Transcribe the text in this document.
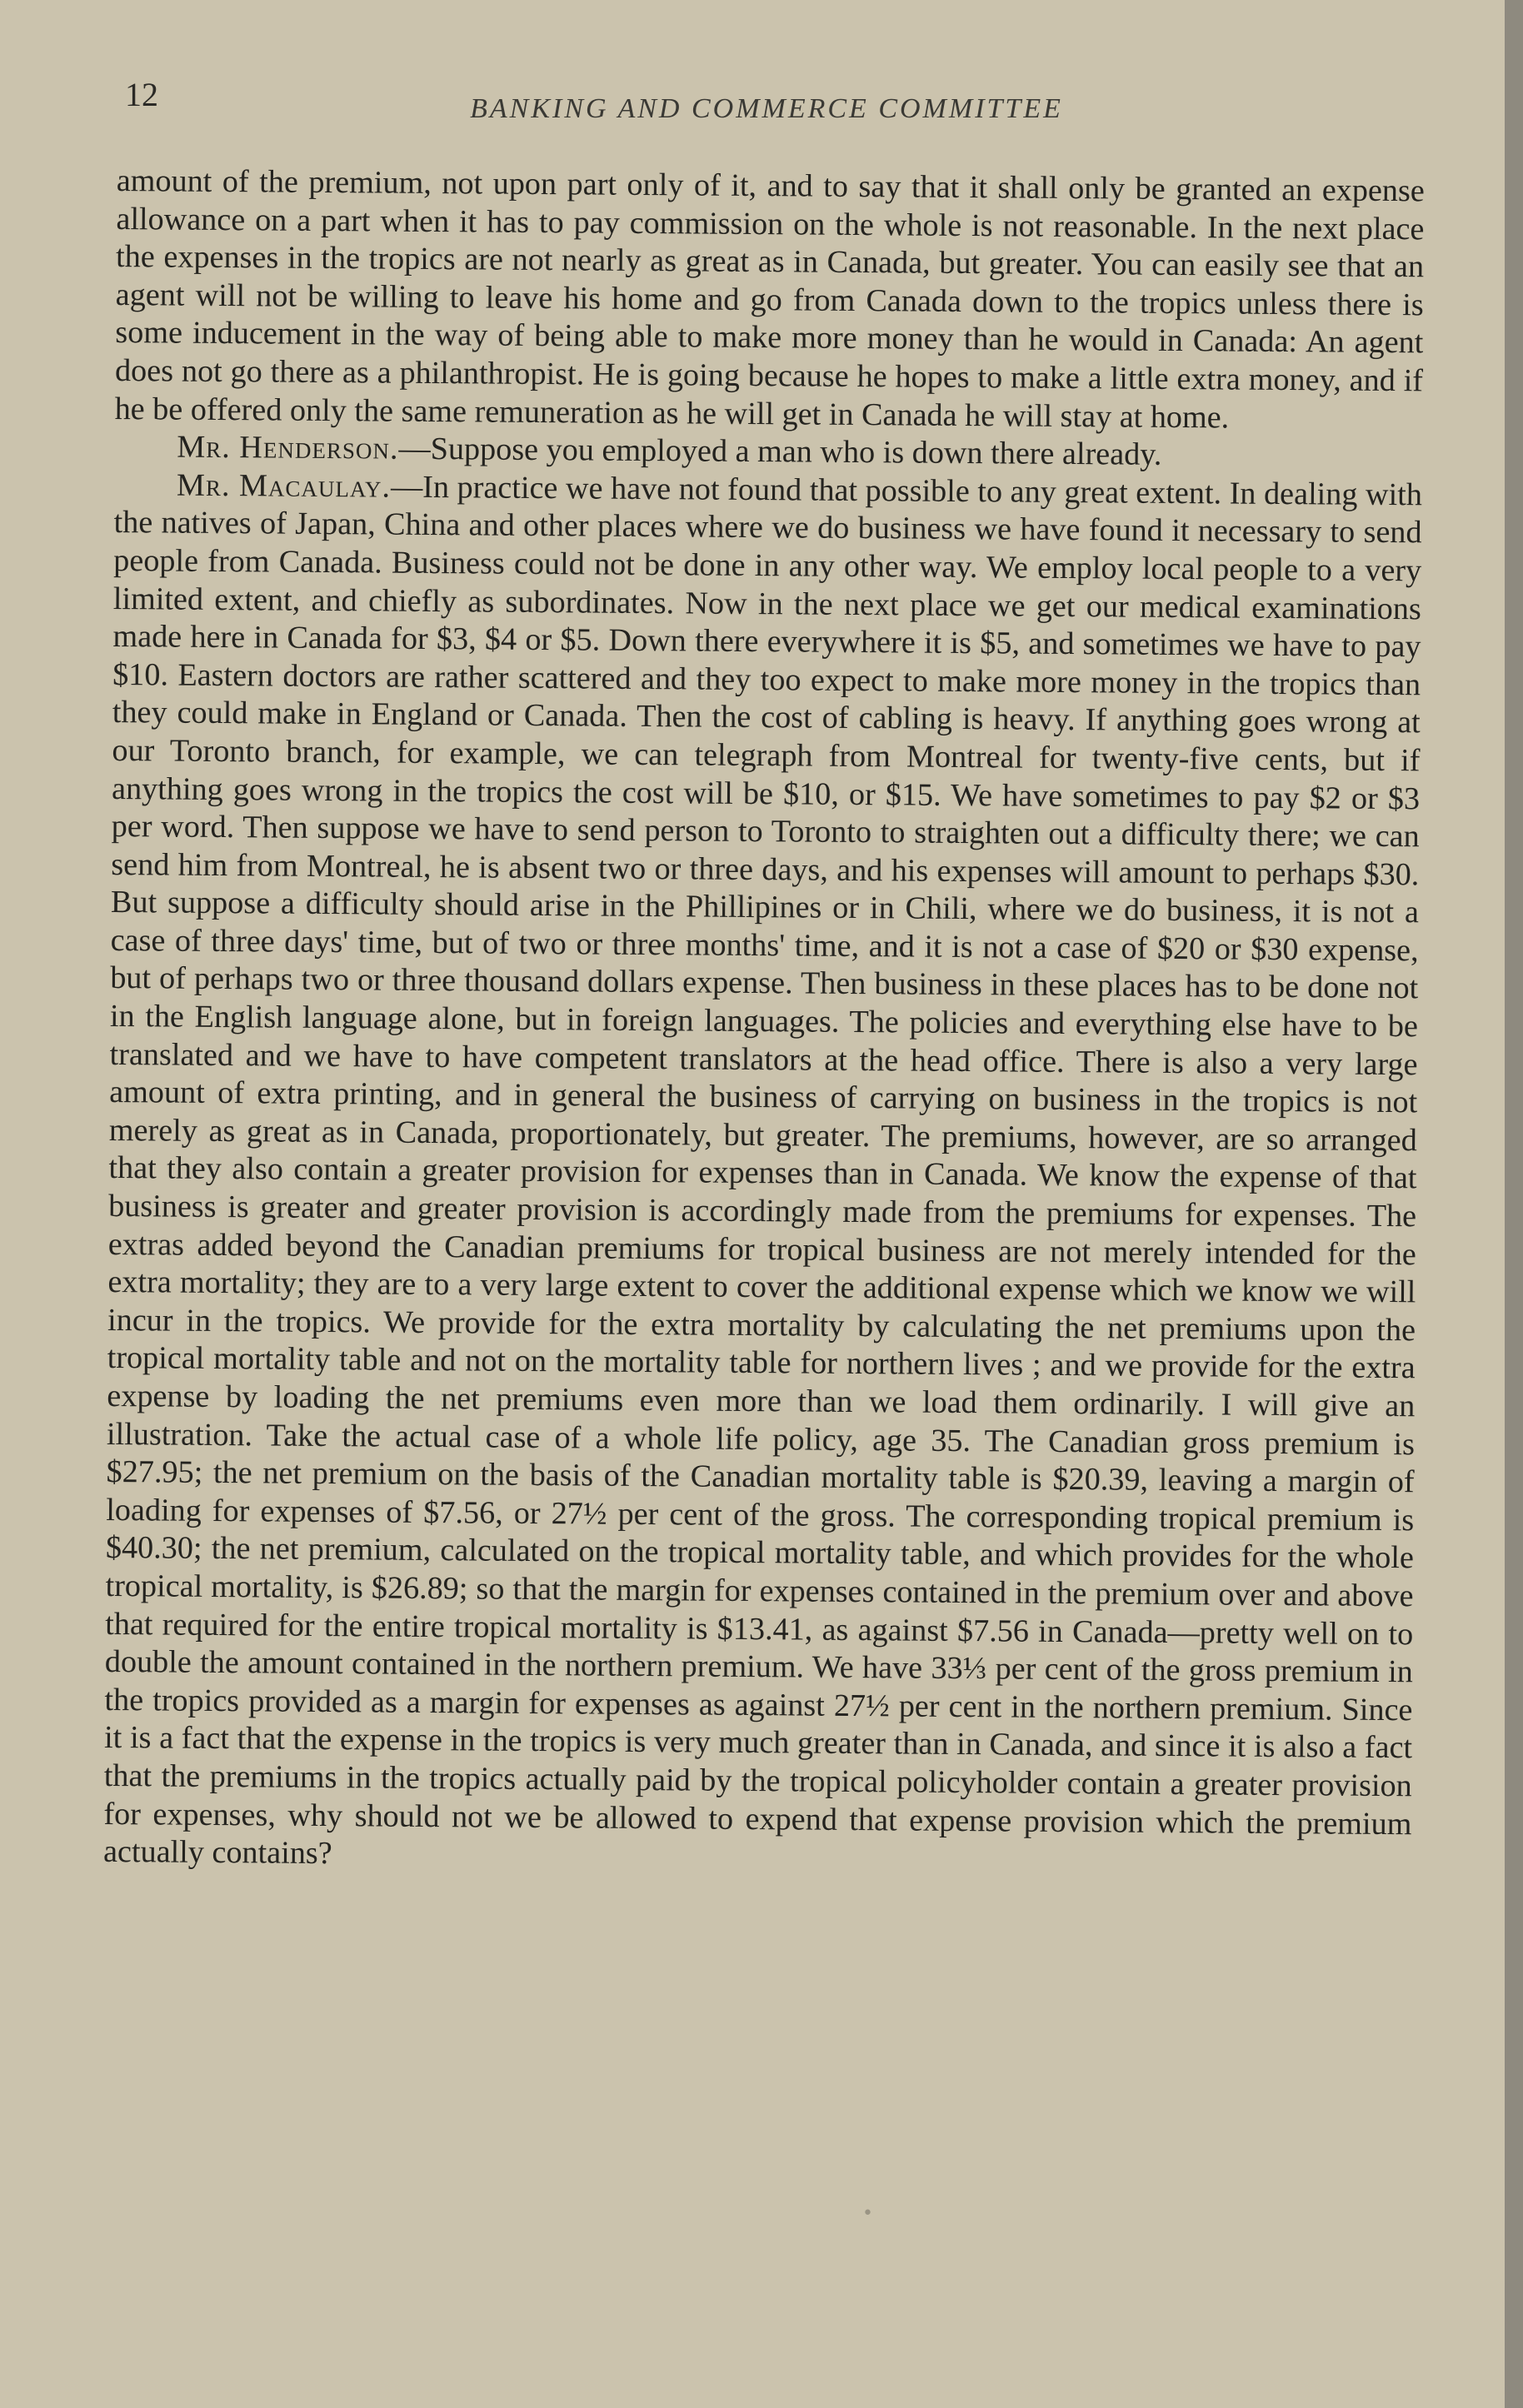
12	BANKING AND COMMERCE COMMITTEE

amount of the premium, not upon part only of it, and to say that it shall only be granted an expense allowance on a part when it has to pay commission on the whole is not reasonable. In the next place the expenses in the tropics are not nearly as great as in Canada, but greater. You can easily see that an agent will not be willing to leave his home and go from Canada down to the tropics unless there is some inducement in the way of being able to make more money than he would in Canada: An agent does not go there as a philanthropist. He is going because he hopes to make a little extra money, and if he be offered only the same remuneration as he will get in Canada he will stay at home.

Mr. Henderson.—Suppose you employed a man who is down there already.

Mr. Macaulay.—In practice we have not found that possible to any great extent. In dealing with the natives of Japan, China and other places where we do business we have found it necessary to send people from Canada. Business could not be done in any other way. We employ local people to a very limited extent, and chiefly as subordinates. Now in the next place we get our medical examinations made here in Canada for $3, $4 or $5. Down there everywhere it is $5, and sometimes we have to pay $10. Eastern doctors are rather scattered and they too expect to make more money in the tropics than they could make in England or Canada. Then the cost of cabling is heavy. If anything goes wrong at our Toronto branch, for example, we can telegraph from Montreal for twenty-five cents, but if anything goes wrong in the tropics the cost will be $10, or $15. We have sometimes to pay $2 or $3 per word. Then suppose we have to send person to Toronto to straighten out a difficulty there; we can send him from Montreal, he is absent two or three days, and his expenses will amount to perhaps $30. But suppose a difficulty should arise in the Phillipines or in Chili, where we do business, it is not a case of three days' time, but of two or three months' time, and it is not a case of $20 or $30 expense, but of perhaps two or three thousand dollars expense. Then business in these places has to be done not in the English language alone, but in foreign languages. The policies and everything else have to be translated and we have to have competent translators at the head office. There is also a very large amount of extra printing, and in general the business of carrying on business in the tropics is not merely as great as in Canada, proportionately, but greater. The premiums, however, are so arranged that they also contain a greater provision for expenses than in Canada. We know the expense of that business is greater and greater provision is accordingly made from the premiums for expenses. The extras added beyond the Canadian premiums for tropical business are not merely intended for the extra mortality; they are to a very large extent to cover the additional expense which we know we will incur in the tropics. We provide for the extra mortality by calculating the net premiums upon the tropical mortality table and not on the mortality table for northern lives ; and we provide for the extra expense by loading the net premiums even more than we load them ordinarily. I will give an illustration. Take the actual case of a whole life policy, age 35. The Canadian gross premium is $27.95; the net premium on the basis of the Canadian mortality table is $20.39, leaving a margin of loading for expenses of $7.56, or 27½ per cent of the gross. The corresponding tropical premium is $40.30; the net premium, calculated on the tropical mortality table, and which provides for the whole tropical mortality, is $26.89; so that the margin for expenses contained in the premium over and above that required for the entire tropical mortality is $13.41, as against $7.56 in Canada—pretty well on to double the amount contained in the northern premium. We have 33⅓ per cent of the gross premium in the tropics provided as a margin for expenses as against 27½ per cent in the northern premium. Since it is a fact that the expense in the tropics is very much greater than in Canada, and since it is also a fact that the premiums in the tropics actually paid by the tropical policyholder contain a greater provision for expenses, why should not we be allowed to expend that expense provision which the premium actually contains?

•
